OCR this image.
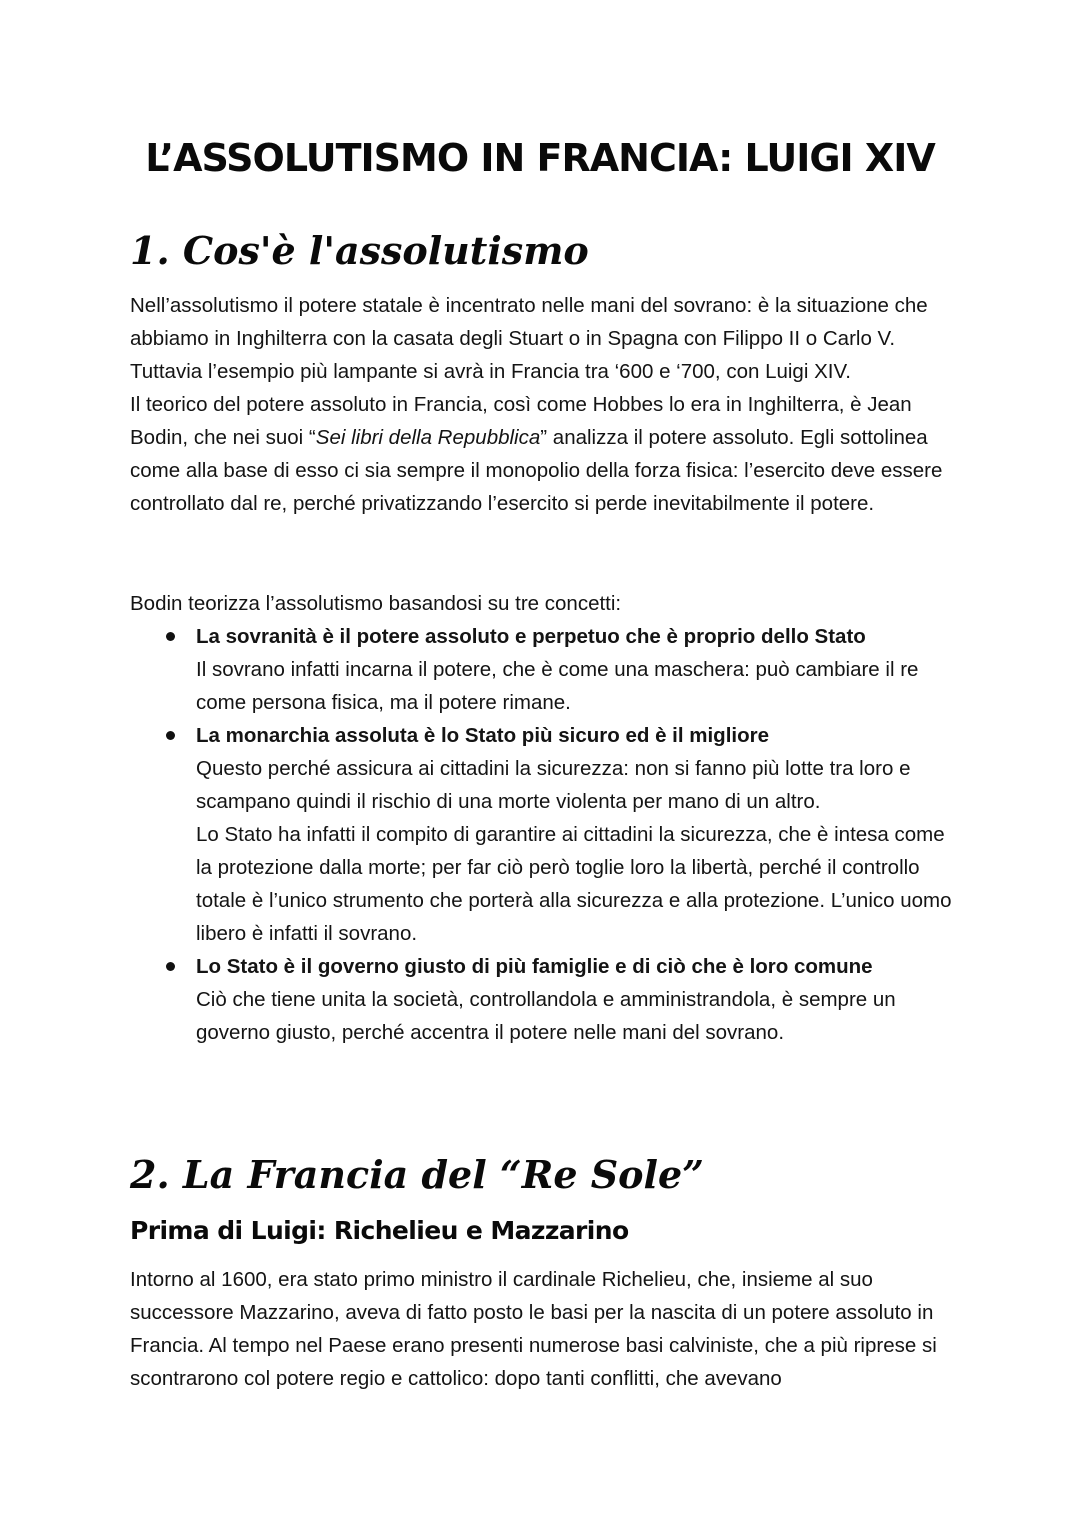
L’ASSOLUTISMO IN FRANCIA: LUIGI XIV
1. Cos'è l'assolutismo

Nell’assolutismo il potere statale è incentrato nelle mani del sovrano: è la situazione che abbiamo in Inghilterra con la casata degli Stuart o in Spagna con Filippo II o Carlo V. Tuttavia l’esempio più lampante si avrà in Francia tra ‘600 e ‘700, con Luigi XIV.

Il teorico del potere assoluto in Francia, così come Hobbes lo era in Inghilterra, è Jean Bodin, che nei suoi “Sei libri della Repubblica” analizza il potere assoluto. Egli sottolinea come alla base di esso ci sia sempre il monopolio della forza fisica: l’esercito deve essere controllato dal re, perché privatizzando l’esercito si perde inevitabilmente il potere.

Bodin teorizza l’assolutismo basandosi su tre concetti:
La sovranità è il potere assoluto e perpetuo che è proprio dello Stato
Il sovrano infatti incarna il potere, che è come una maschera: può cambiare il re come persona fisica, ma il potere rimane.
La monarchia assoluta è lo Stato più sicuro ed è il migliore
Questo perché assicura ai cittadini la sicurezza: non si fanno più lotte tra loro e scampano quindi il rischio di una morte violenta per mano di un altro.
Lo Stato ha infatti il compito di garantire ai cittadini la sicurezza, che è intesa come la protezione dalla morte; per far ciò però toglie loro la libertà, perché il controllo totale è l’unico strumento che porterà alla sicurezza e alla protezione. L’unico uomo libero è infatti il sovrano.
Lo Stato è il governo giusto di più famiglie e di ciò che è loro comune
Ciò che tiene unita la società, controllandola e amministrandola, è sempre un governo giusto, perché accentra il potere nelle mani del sovrano.
2. La Francia del “Re Sole”
Prima di Luigi: Richelieu e Mazzarino
Intorno al 1600, era stato primo ministro il cardinale Richelieu, che, insieme al suo successore Mazzarino, aveva di fatto posto le basi per la nascita di un potere assoluto in Francia. Al tempo nel Paese erano presenti numerose basi calviniste, che a più riprese si scontrarono col potere regio e cattolico: dopo tanti conflitti, che avevano
